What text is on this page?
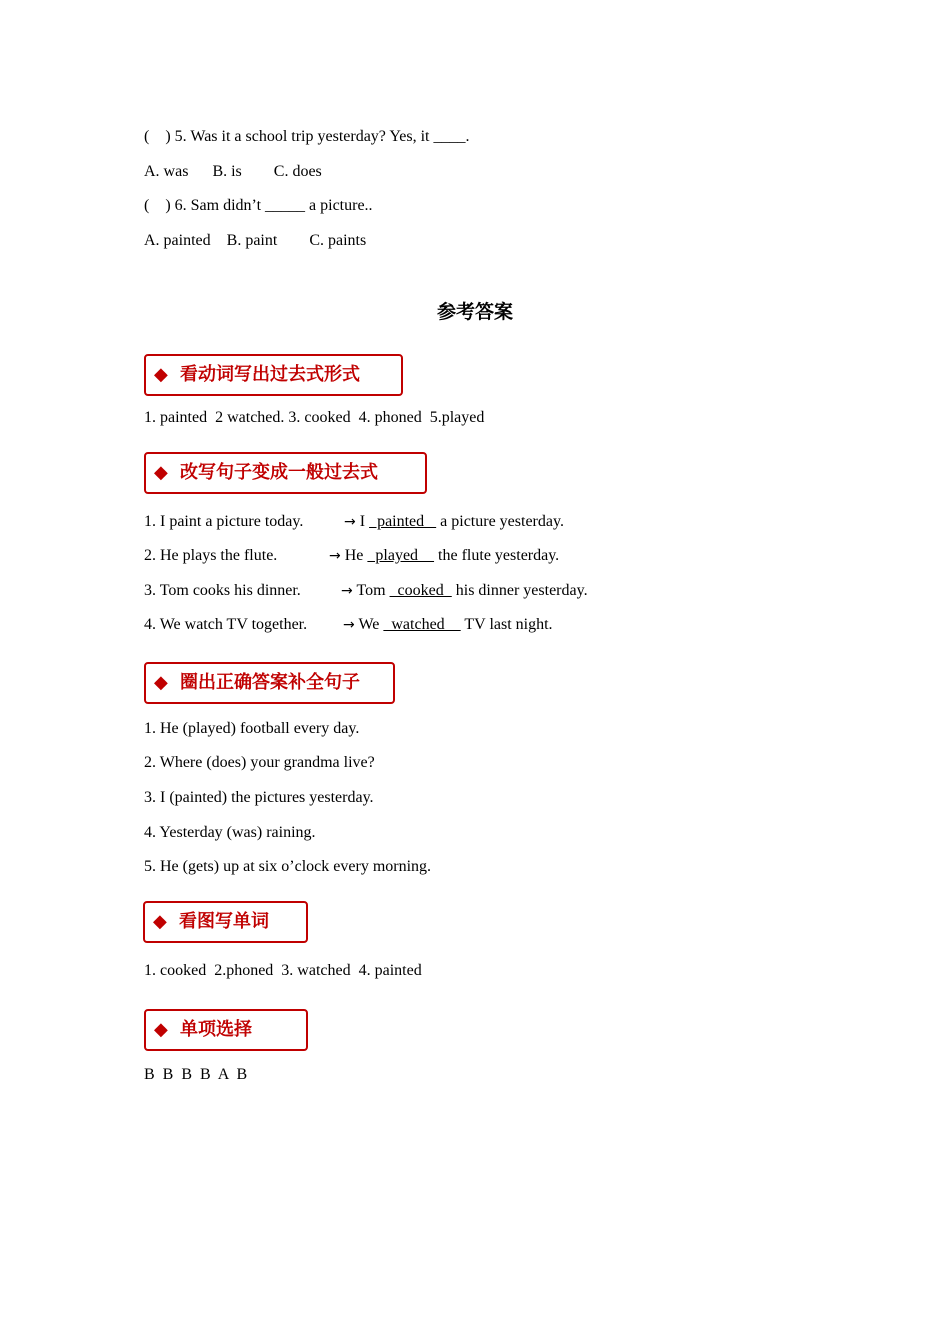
(    ) 5. Was it a school trip yesterday? Yes, it ____.
A. was      B. is        C. does
(    ) 6. Sam didn’t _____ a picture..
A. painted    B. paint        C. paints
参考答案
◆ 看动词写出过去式形式
1. painted  2 watched. 3. cooked  4. phoned  5.played
◆ 改写句子变成一般过去式
1. I paint a picture today.	→ I   painted    a picture yesterday.
2. He plays the flute.	→ He   played     the flute yesterday.
3. Tom cooks his dinner.	→ Tom   cooked   his dinner yesterday.
4. We watch TV together.	→ We   watched     TV last night.
◆ 圈出正确答案补全句子
1. He (played) football every day.
2. Where (does) your grandma live?
3. I (painted) the pictures yesterday.
4. Yesterday (was) raining.
5. He (gets) up at six o’clock every morning.
◆ 看图写单词
1. cooked  2.phoned  3. watched  4. painted
◆ 单项选择
B  B  B  B  A  B
